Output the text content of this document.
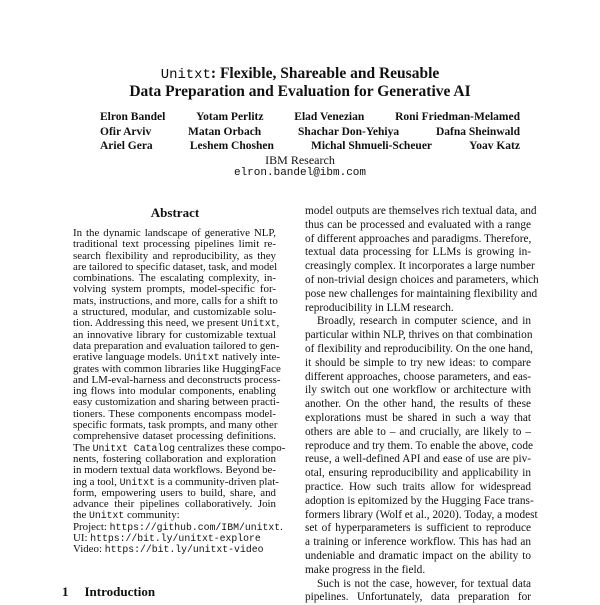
Unitxt: Flexible, Shareable and Reusable
Data Preparation and Evaluation for Generative AI
Elron Bandel	Yotam Perlitz	Elad Venezian	Roni Friedman-Melamed
Ofir Arviv	Matan Orbach	Shachar Don-Yehiya	Dafna Sheinwald
Ariel Gera	Leshem Choshen	Michal Shmueli-Scheuer	Yoav Katz
IBM Research
elron.bandel@ibm.com
Abstract
In the dynamic landscape of generative NLP,
traditional text processing pipelines limit re-
search flexibility and reproducibility, as they
are tailored to specific dataset, task, and model
combinations. The escalating complexity, in-
volving system prompts, model-specific for-
mats, instructions, and more, calls for a shift to
a structured, modular, and customizable solu-
tion. Addressing this need, we present Unitxt,
an innovative library for customizable textual
data preparation and evaluation tailored to gen-
erative language models. Unitxt natively inte-
grates with common libraries like HuggingFace
and LM-eval-harness and deconstructs process-
ing flows into modular components, enabling
easy customization and sharing between practi-
tioners. These components encompass model-
specific formats, task prompts, and many other
comprehensive dataset processing definitions.
The Unitxt Catalog centralizes these compo-
nents, fostering collaboration and exploration
in modern textual data workflows. Beyond be-
ing a tool, Unitxt is a community-driven plat-
form, empowering users to build, share, and
advance their pipelines collaboratively. Join
the Unitxt community:
Project: https://github.com/IBM/unitxt.
UI: https://bit.ly/unitxt-explore
Video: https://bit.ly/unitxt-video
1 Introduction
model outputs are themselves rich textual data, and
thus can be processed and evaluated with a range
of different approaches and paradigms. Therefore,
textual data processing for LLMs is growing in-
creasingly complex. It incorporates a large number
of non-trivial design choices and parameters, which
pose new challenges for maintaining flexibility and
reproducibility in LLM research.
Broadly, research in computer science, and in
particular within NLP, thrives on that combination
of flexibility and reproducibility. On the one hand,
it should be simple to try new ideas: to compare
different approaches, choose parameters, and eas-
ily switch out one workflow or architecture with
another. On the other hand, the results of these
explorations must be shared in such a way that
others are able to – and crucially, are likely to –
reproduce and try them. To enable the above, code
reuse, a well-defined API and ease of use are piv-
otal, ensuring reproducibility and applicability in
practice. How such traits allow for widespread
adoption is epitomized by the Hugging Face trans-
formers library (Wolf et al., 2020). Today, a modest
set of hyperparameters is sufficient to reproduce
a training or inference workflow. This has had an
undeniable and dramatic impact on the ability to
make progress in the field.
Such is not the case, however, for textual data
pipelines. Unfortunately, data preparation for
